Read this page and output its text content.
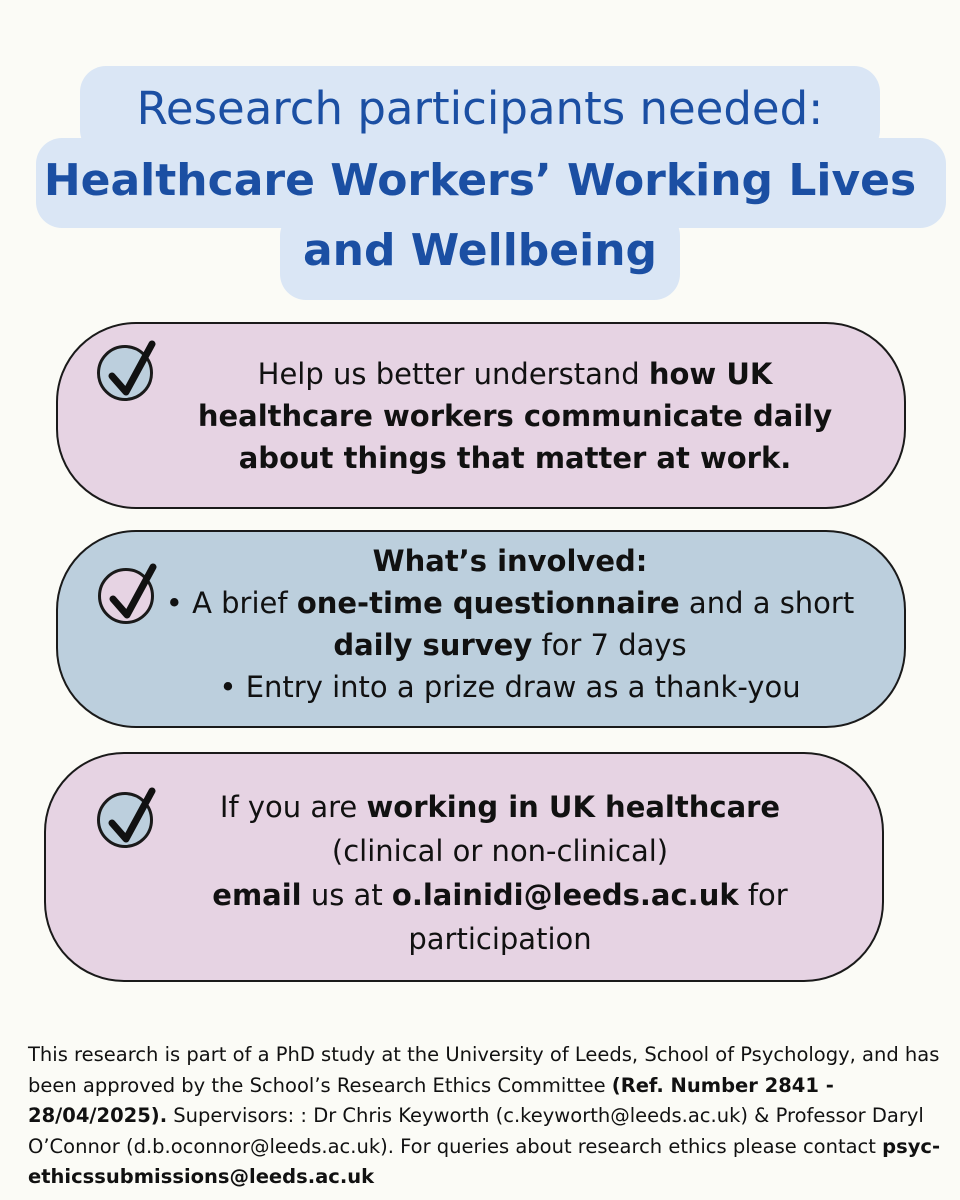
Research participants needed:
Healthcare Workers’ Working Lives
and Wellbeing
Help us better understand how UK healthcare workers communicate daily about things that matter at work.
What’s involved:
• A brief one-time questionnaire and a short daily survey for 7 days
• Entry into a prize draw as a thank-you
If you are working in UK healthcare
(clinical or non-clinical)
email us at o.lainidi@leeds.ac.uk for participation
This research is part of a PhD study at the University of Leeds, School of Psychology, and has been approved by the School’s Research Ethics Committee (Ref. Number 2841 - 28/04/2025). Supervisors: : Dr Chris Keyworth (c.keyworth@leeds.ac.uk) & Professor Daryl O’Connor (d.b.oconnor@leeds.ac.uk). For queries about research ethics please contact psyc-ethicssubmissions@leeds.ac.uk
